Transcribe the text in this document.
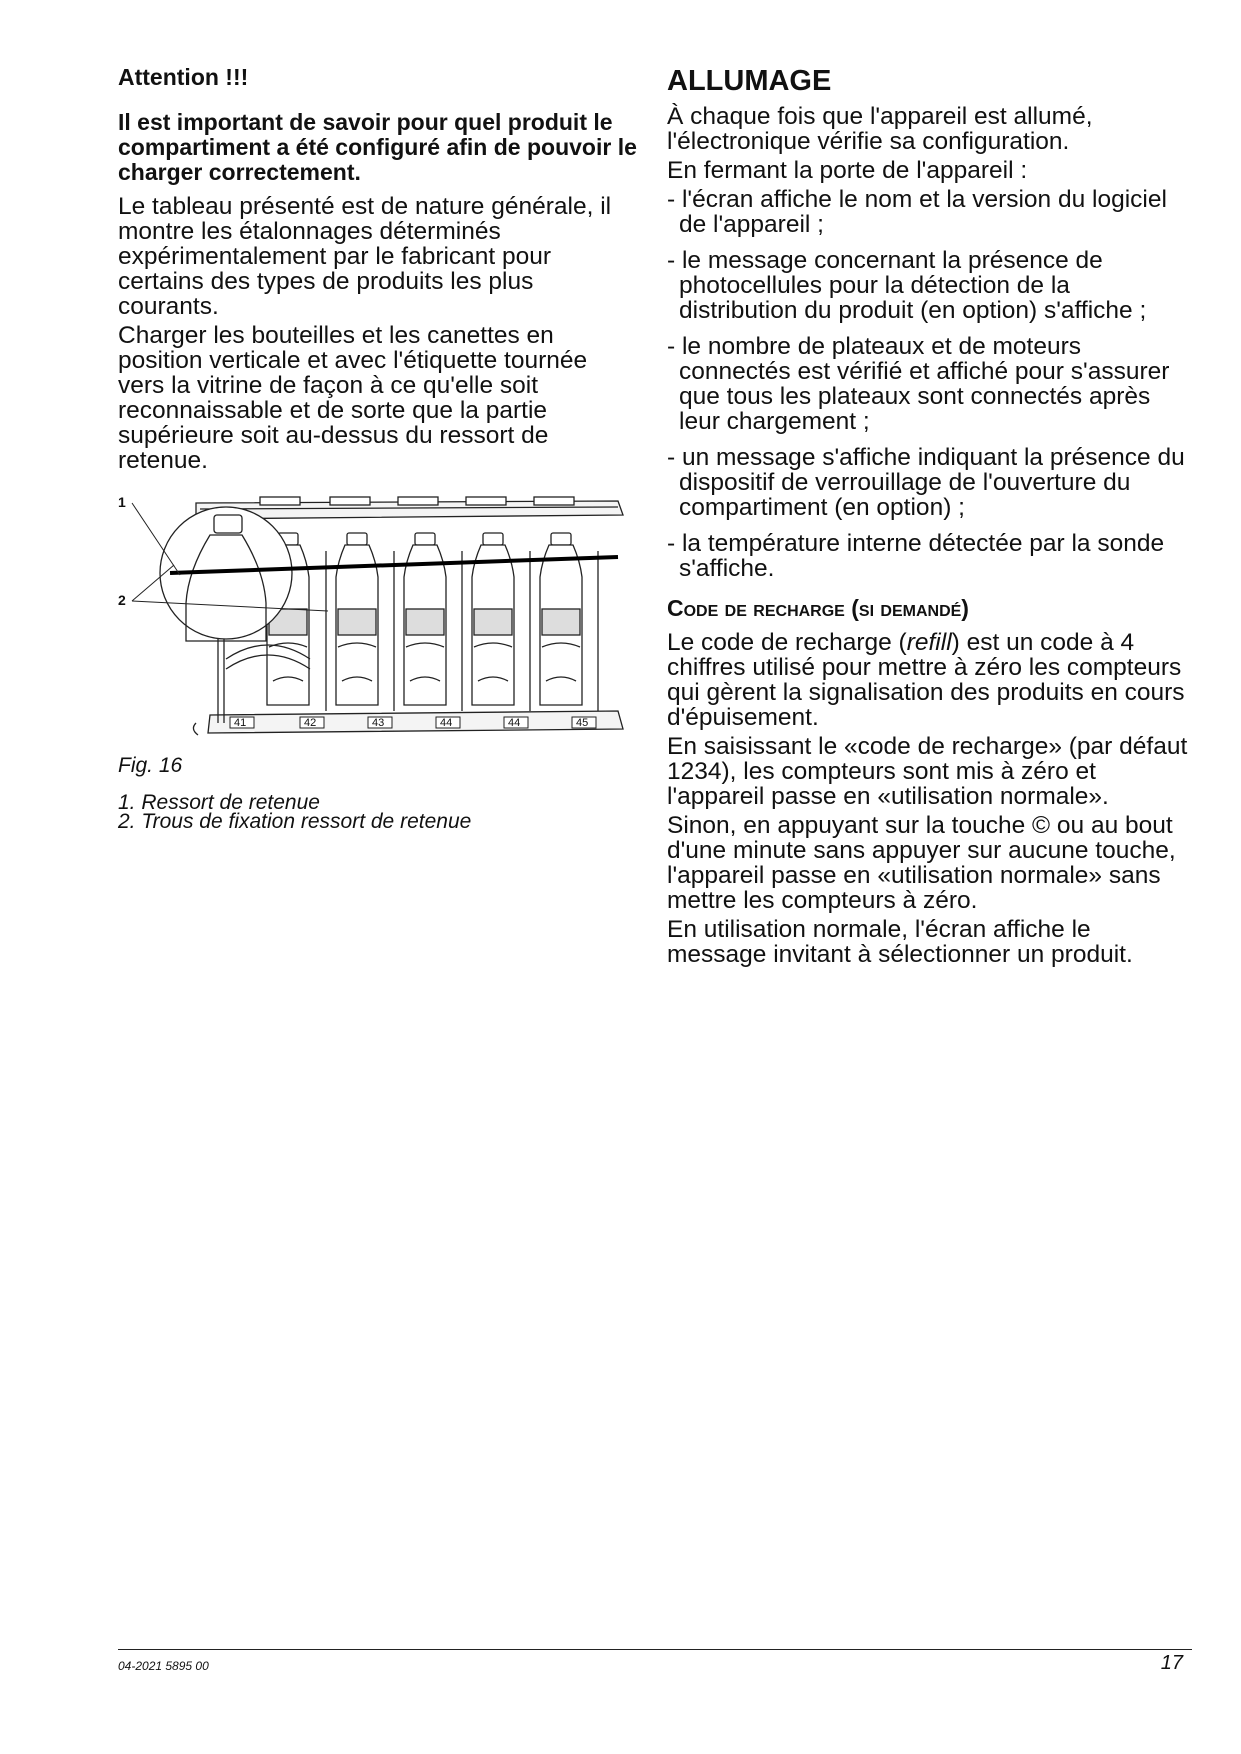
Attention !!!

Il est important de savoir pour quel produit le compartiment a été configuré afin de pouvoir le charger correctement.

Le tableau présenté est de nature générale, il montre les étalonnages déterminés expérimentalement par le fabricant pour certains des types de produits les plus courants.

Charger les bouteilles et les canettes en position verticale et avec l'étiquette tournée vers la vitrine de façon à ce qu'elle soit reconnaissable et de sorte que la partie supérieure soit au-dessus du ressort de retenue.

1
2
41	42	43	44	44	45

Fig. 16

1. Ressort de retenue
2. Trous de fixation ressort de retenue

ALLUMAGE

À chaque fois que l'appareil est allumé, l'électronique vérifie sa configuration.

En fermant la porte de l'appareil :

- l'écran affiche le nom et la version du logiciel de l'appareil ;
- le message concernant la présence de photocellules pour la détection de la distribution du produit (en option) s'affiche ;
- le nombre de plateaux et de moteurs connectés est vérifié et affiché pour s'assurer que tous les plateaux sont connectés après leur chargement ;
- un message s'affiche indiquant la présence du dispositif de verrouillage de l'ouverture du compartiment (en option) ;
- la température interne détectée par la sonde s'affiche.

Code de recharge (si demandé)

Le code de recharge (refill) est un code à 4 chiffres utilisé pour mettre à zéro les compteurs qui gèrent la signalisation des produits en cours d'épuisement.

En saisissant le «code de recharge» (par défaut 1234), les compteurs sont mis à zéro et l'appareil passe en «utilisation normale».

Sinon, en appuyant sur la touche © ou au bout d'une minute sans appuyer sur aucune touche, l'appareil passe en «utilisation normale» sans mettre les compteurs à zéro.

En utilisation normale, l'écran affiche le message invitant à sélectionner un produit.

04-2021 5895 00	17
